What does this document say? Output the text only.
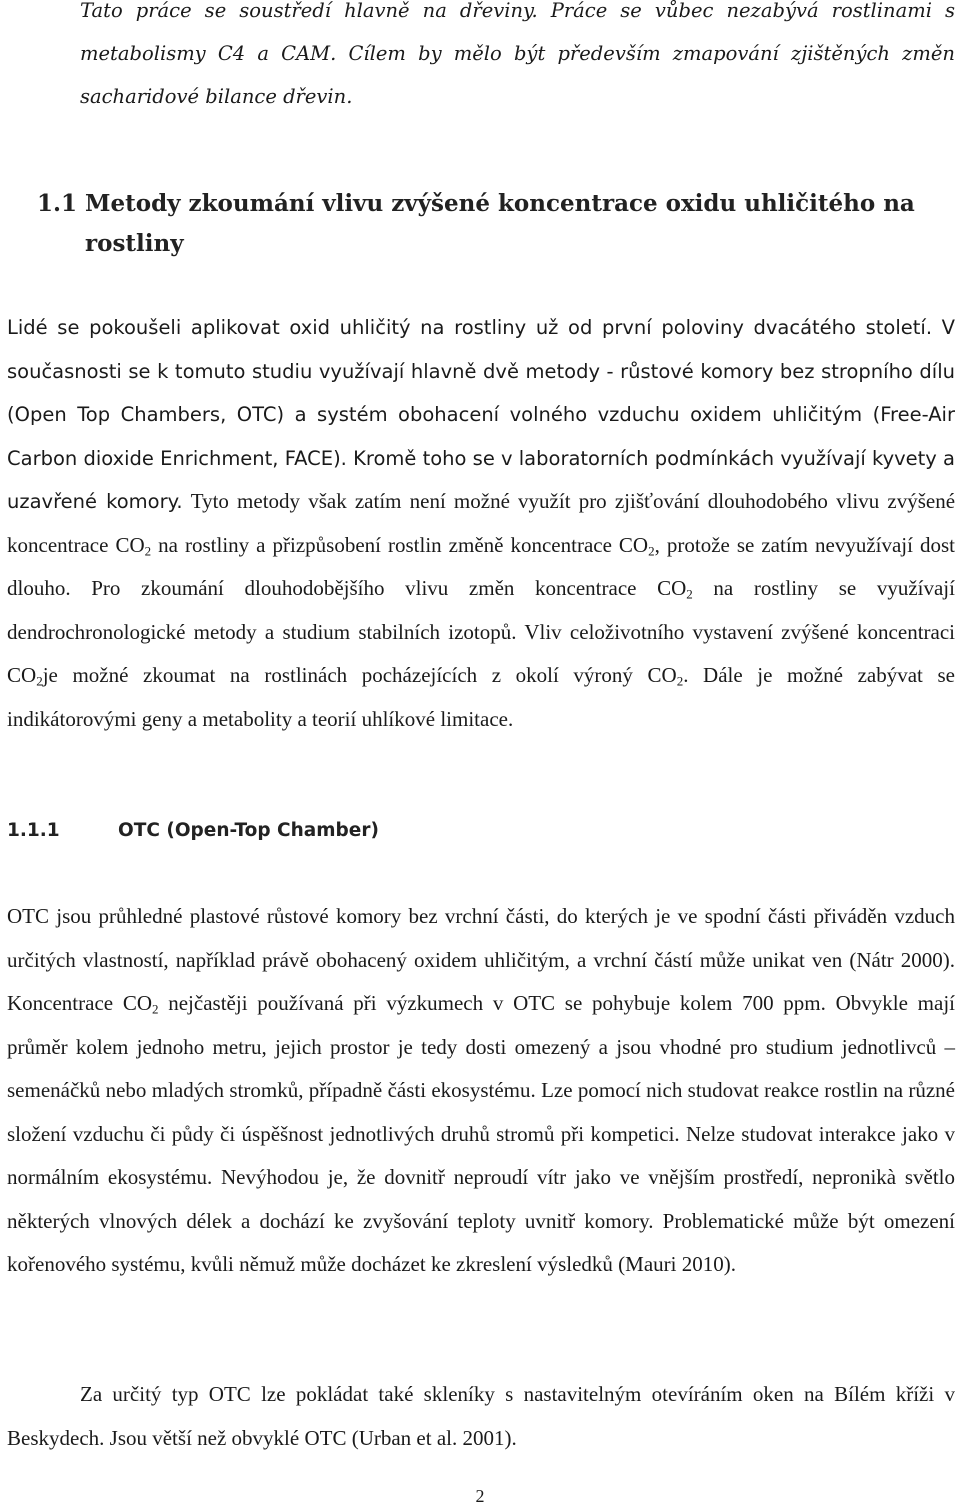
Tato práce se soustředí hlavně na dřeviny. Práce se vůbec nezabývá rostlinami s metabolismy C4 a CAM. Cílem by mělo být především zmapování zjištěných změn sacharidové bilance dřevin.

1.1 Metody zkoumání vlivu zvýšené koncentrace oxidu uhličitého na rostliny

Lidé se pokoušeli aplikovat oxid uhličitý na rostliny už od první poloviny dvacátého století. V současnosti se k tomuto studiu využívají hlavně dvě metody - růstové komory bez stropního dílu (Open Top Chambers, OTC) a systém obohacení volného vzduchu oxidem uhličitým (Free-Air Carbon dioxide Enrichment, FACE). Kromě toho se v laboratorních podmínkách využívají kyvety a uzavřené komory. Tyto metody však zatím není možné využít pro zjišťování dlouhodobého vlivu zvýšené koncentrace $CO_2$ na rostliny a přizpůsobení rostlin změně koncentrace $CO_2$, protože se zatím nevyužívají dost dlouho. Pro zkoumání dlouhodobějšího vlivu změn koncentrace $CO_2$ na rostliny se využívají dendrochronologické metody a studium stabilních izotopů. Vliv celoživotního vystavení zvýšené koncentraci $CO_2je$ možné zkoumat na rostlinách pocházejících z okolí výroný $CO_2$. Dále je možné zabývat se indikátorovými geny a metabolity a teorií uhlíkové limitace.

1.1.1	OTC (Open-Top Chamber)

OTC jsou průhledné plastové růstové komory bez vrchní části, do kterých je ve spodní části přiváděn vzduch určitých vlastností, například právě obohacený oxidem uhličitým, a vrchní částí může unikat ven (Nátr 2000). Koncentrace $CO_2$ nejčastěji používaná při výzkumech v OTC se pohybuje kolem 700 ppm. Obvykle mají průměr kolem jednoho metru, jejich prostor je tedy dosti omezený a jsou vhodné pro studium jednotlivců – semenáčků nebo mladých stromků, případně části ekosystému. Lze pomocí nich studovat reakce rostlin na různé složení vzduchu či půdy či úspěšnost jednotlivých druhů stromů při kompetici. Nelze studovat interakce jako v normálním ekosystému. Nevýhodou je, že dovnitř neproudí vítr jako ve vnějším prostředí, nepronikà světlo některých vlnových délek a dochází ke zvyšování teploty uvnitř komory. Problematické může být omezení kořenového systému, kvůli němuž může docházet ke zkreslení výsledků (Mauri 2010).

Za určitý typ OTC lze pokládat také skleníky s nastavitelným otevíráním oken na Bílém kříži v Beskydech. Jsou větší než obvyklé OTC (Urban et al. 2001).

2
